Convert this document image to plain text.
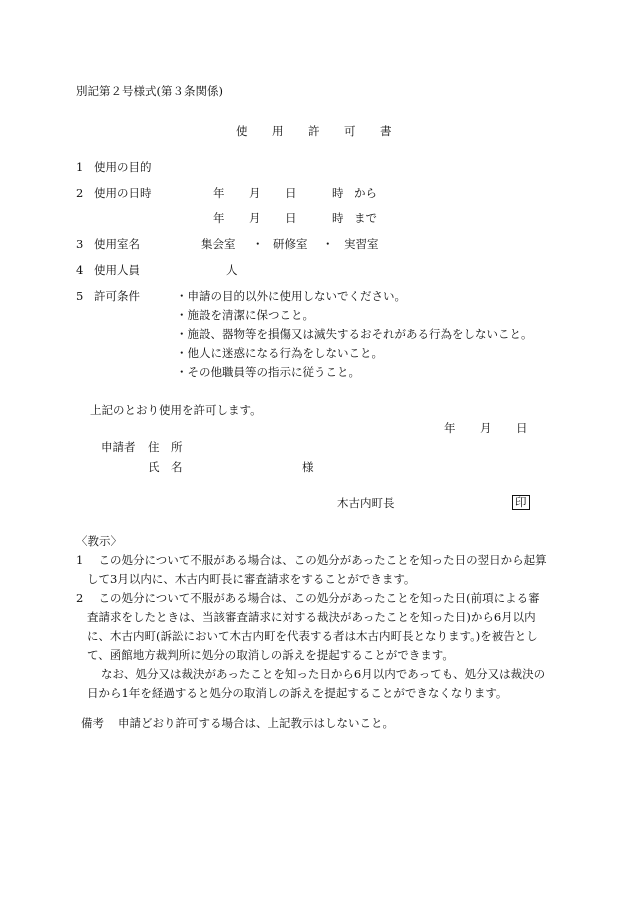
別記第２号様式(第３条関係)
使 用 許 可 書
1 使用の目的
2 使用の日時	年 月 日	時 から
年 月 日	時 まで
3 使用室名	集会室 ・ 研修室 ・ 実習室
4 使用人員	人
5 許可条件	・申請の目的以外に使用しないでください。
・施設を清潔に保つこと。
・施設、器物等を損傷又は滅失するおそれがある行為をしないこと。
・他人に迷惑になる行為をしないこと。
・その他職員等の指示に従うこと。
上記のとおり使用を許可します。
年 月 日
申請者 住　所
氏　名	様
木古内町長	印
〈教示〉
1　 この処分について不服がある場合は、この処分があったことを知った日の翌日から起算
して3月以内に、木古内町長に審査請求をすることができます。
2　 この処分について不服がある場合は、この処分があったことを知った日(前項による審
査請求をしたときは、当該審査請求に対する裁決があったことを知った日)から6月以内
に、木古内町(訴訟において木古内町を代表する者は木古内町長となります。)を被告とし
て、函館地方裁判所に処分の取消しの訴えを提起することができます。
なお、処分又は裁決があったことを知った日から6月以内であっても、処分又は裁決の
日から1年を経過すると処分の取消しの訴えを提起することができなくなります。
備考 申請どおり許可する場合は、上記教示はしないこと。
